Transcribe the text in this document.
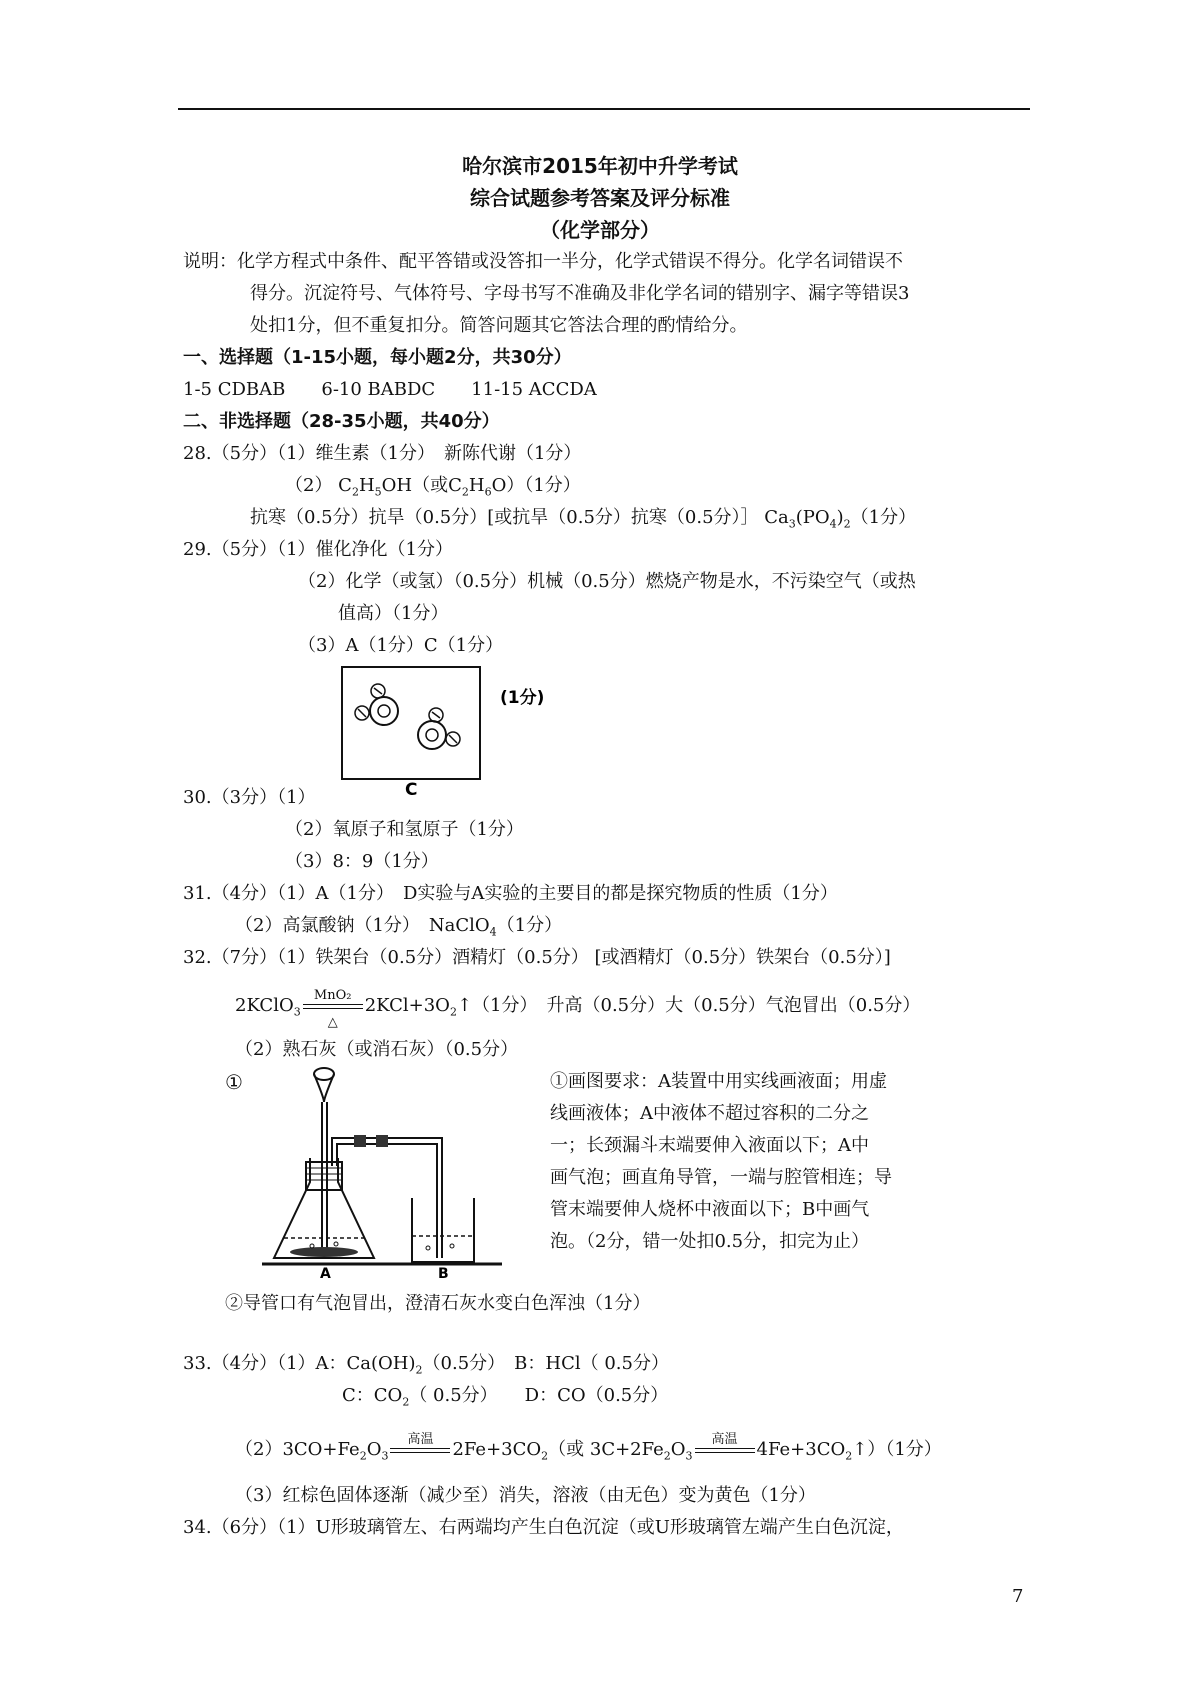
哈尔滨市2015年初中升学考试
综合试题参考答案及评分标准
（化学部分）
说明：化学方程式中条件、配平答错或没答扣一半分，化学式错误不得分。化学名词错误不
得分。沉淀符号、气体符号、字母书写不准确及非化学名词的错别字、漏字等错误3
处扣1分，但不重复扣分。简答问题其它答法合理的酌情给分。
一、选择题（1-15小题，每小题2分，共30分）
1-5 CDBAB　　6-10 BABDC　　11-15 ACCDA
二、非选择题（28-35小题，共40分）
28.（5分）（1）维生素（1分）　新陈代谢（1分）
（2） $C_2H_5OH$（或$C_2H_6O)(1$分）
抗寒（0.5分）抗旱（0.5分）[或抗旱（0.5分）抗寒（0.5分）］ $Ca_3(PO_4)_2(1$分）
29.（5分）（1）催化净化（1分）
（2）化学（或氢）（0.5分）机械（0.5分）燃烧产物是水，不污染空气（或热
值高）（1分）
（3）A（1分）C（1分）
(1分)
C
30.（3分）（1）
（2）氧原子和氢原子（1分）
（3）8：9（1分）
31.（4分）（1）A（1分）　D实验与A实验的主要目的都是探究物质的性质（1分）
（2）高氯酸钠（1分）　NaClO$_4$（1分）
32.（7分）（1）铁架台（0.5分）酒精灯（0.5分） [或酒精灯（0.5分）铁架台（0.5分）]
2KClO$_3$
MnO₂
△
$2KCl+3O_2↑(1$分）　升高（0.5分）大（0.5分）气泡冒出（0.5分）
（2）熟石灰（或消石灰）（0.5分）
①
A	B
①画图要求：A装置中用实线画液面；用虚
线画液体；A中液体不超过容积的二分之
一；长颈漏斗末端要伸入液面以下；A中
画气泡；画直角导管，一端与腔管相连；导
管末端要伸人烧杯中液面以下；B中画气
泡。（2分，错一处扣0.5分，扣完为止）
②导管口有气泡冒出，澄清石灰水变白色浑浊（1分）
33.（4分）（1）A：$Ca(OH)_2(0.5$分）　B：HCl（ 0.5分）
C：$CO_2$（ 0.5分）　　D：CO（0.5分）
$(2)3CO+Fe_2O_3$
高温	$2Fe+3CO_2$（或 $3C+2Fe_2O_3$
高温	$4Fe+3CO_2↑)(1$分）
（3）红棕色固体逐渐（减少至）消失，溶液（由无色）变为黄色（1分）
34.（6分）（1）U形玻璃管左、右两端均产生白色沉淀（或U形玻璃管左端产生白色沉淀，
7
